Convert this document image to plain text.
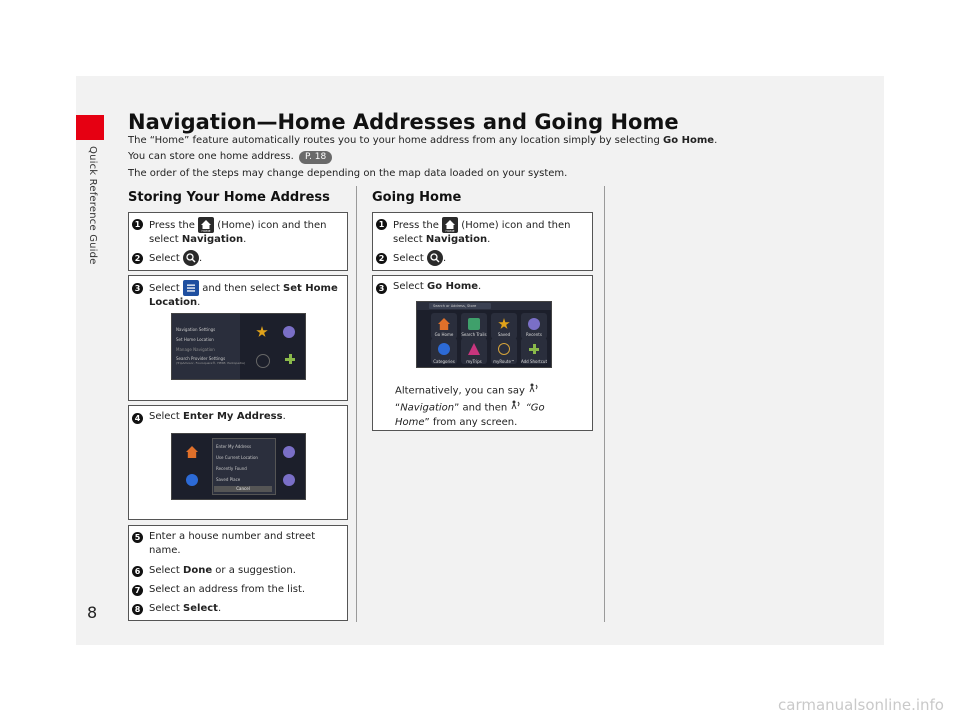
Quick Reference Guide
8
Navigation—Home Addresses and Going Home
The “Home” feature automatically routes you to your home address from any location simply by selecting Go Home.
You can store one home address. P. 18
The order of the steps may change depending on the map data loaded on your system.
Storing Your Home Address
1 Press the
HOME
(Home) icon and then
select Navigation.
2 Select .
3 Select and then select Set Home
Location.
Navigation Settings
Set Home Location
Manage Navigation
Search Provider Settings
(TripAdvisor, Foursquare®, HERE, Parkopedia)
4 Select Enter My Address.
Enter My Address
Use Current Location
Recently Found
Saved Place
Cancel
5 Enter a house number and street
name.
6 Select Done or a suggestion.
7 Select an address from the list.
8 Select Select.
Going Home
1 Press the
HOME
(Home) icon and then
select Navigation.
2 Select .
3 Select Go Home.
Search or Address, Store
Go Home	Search Trails	Saved	Recents
Categories	myTrips	myRoute™	Add Shortcut
Alternatively, you can say
“Navigation” and then “Go
Home” from any screen.
carmanualsonline.info
